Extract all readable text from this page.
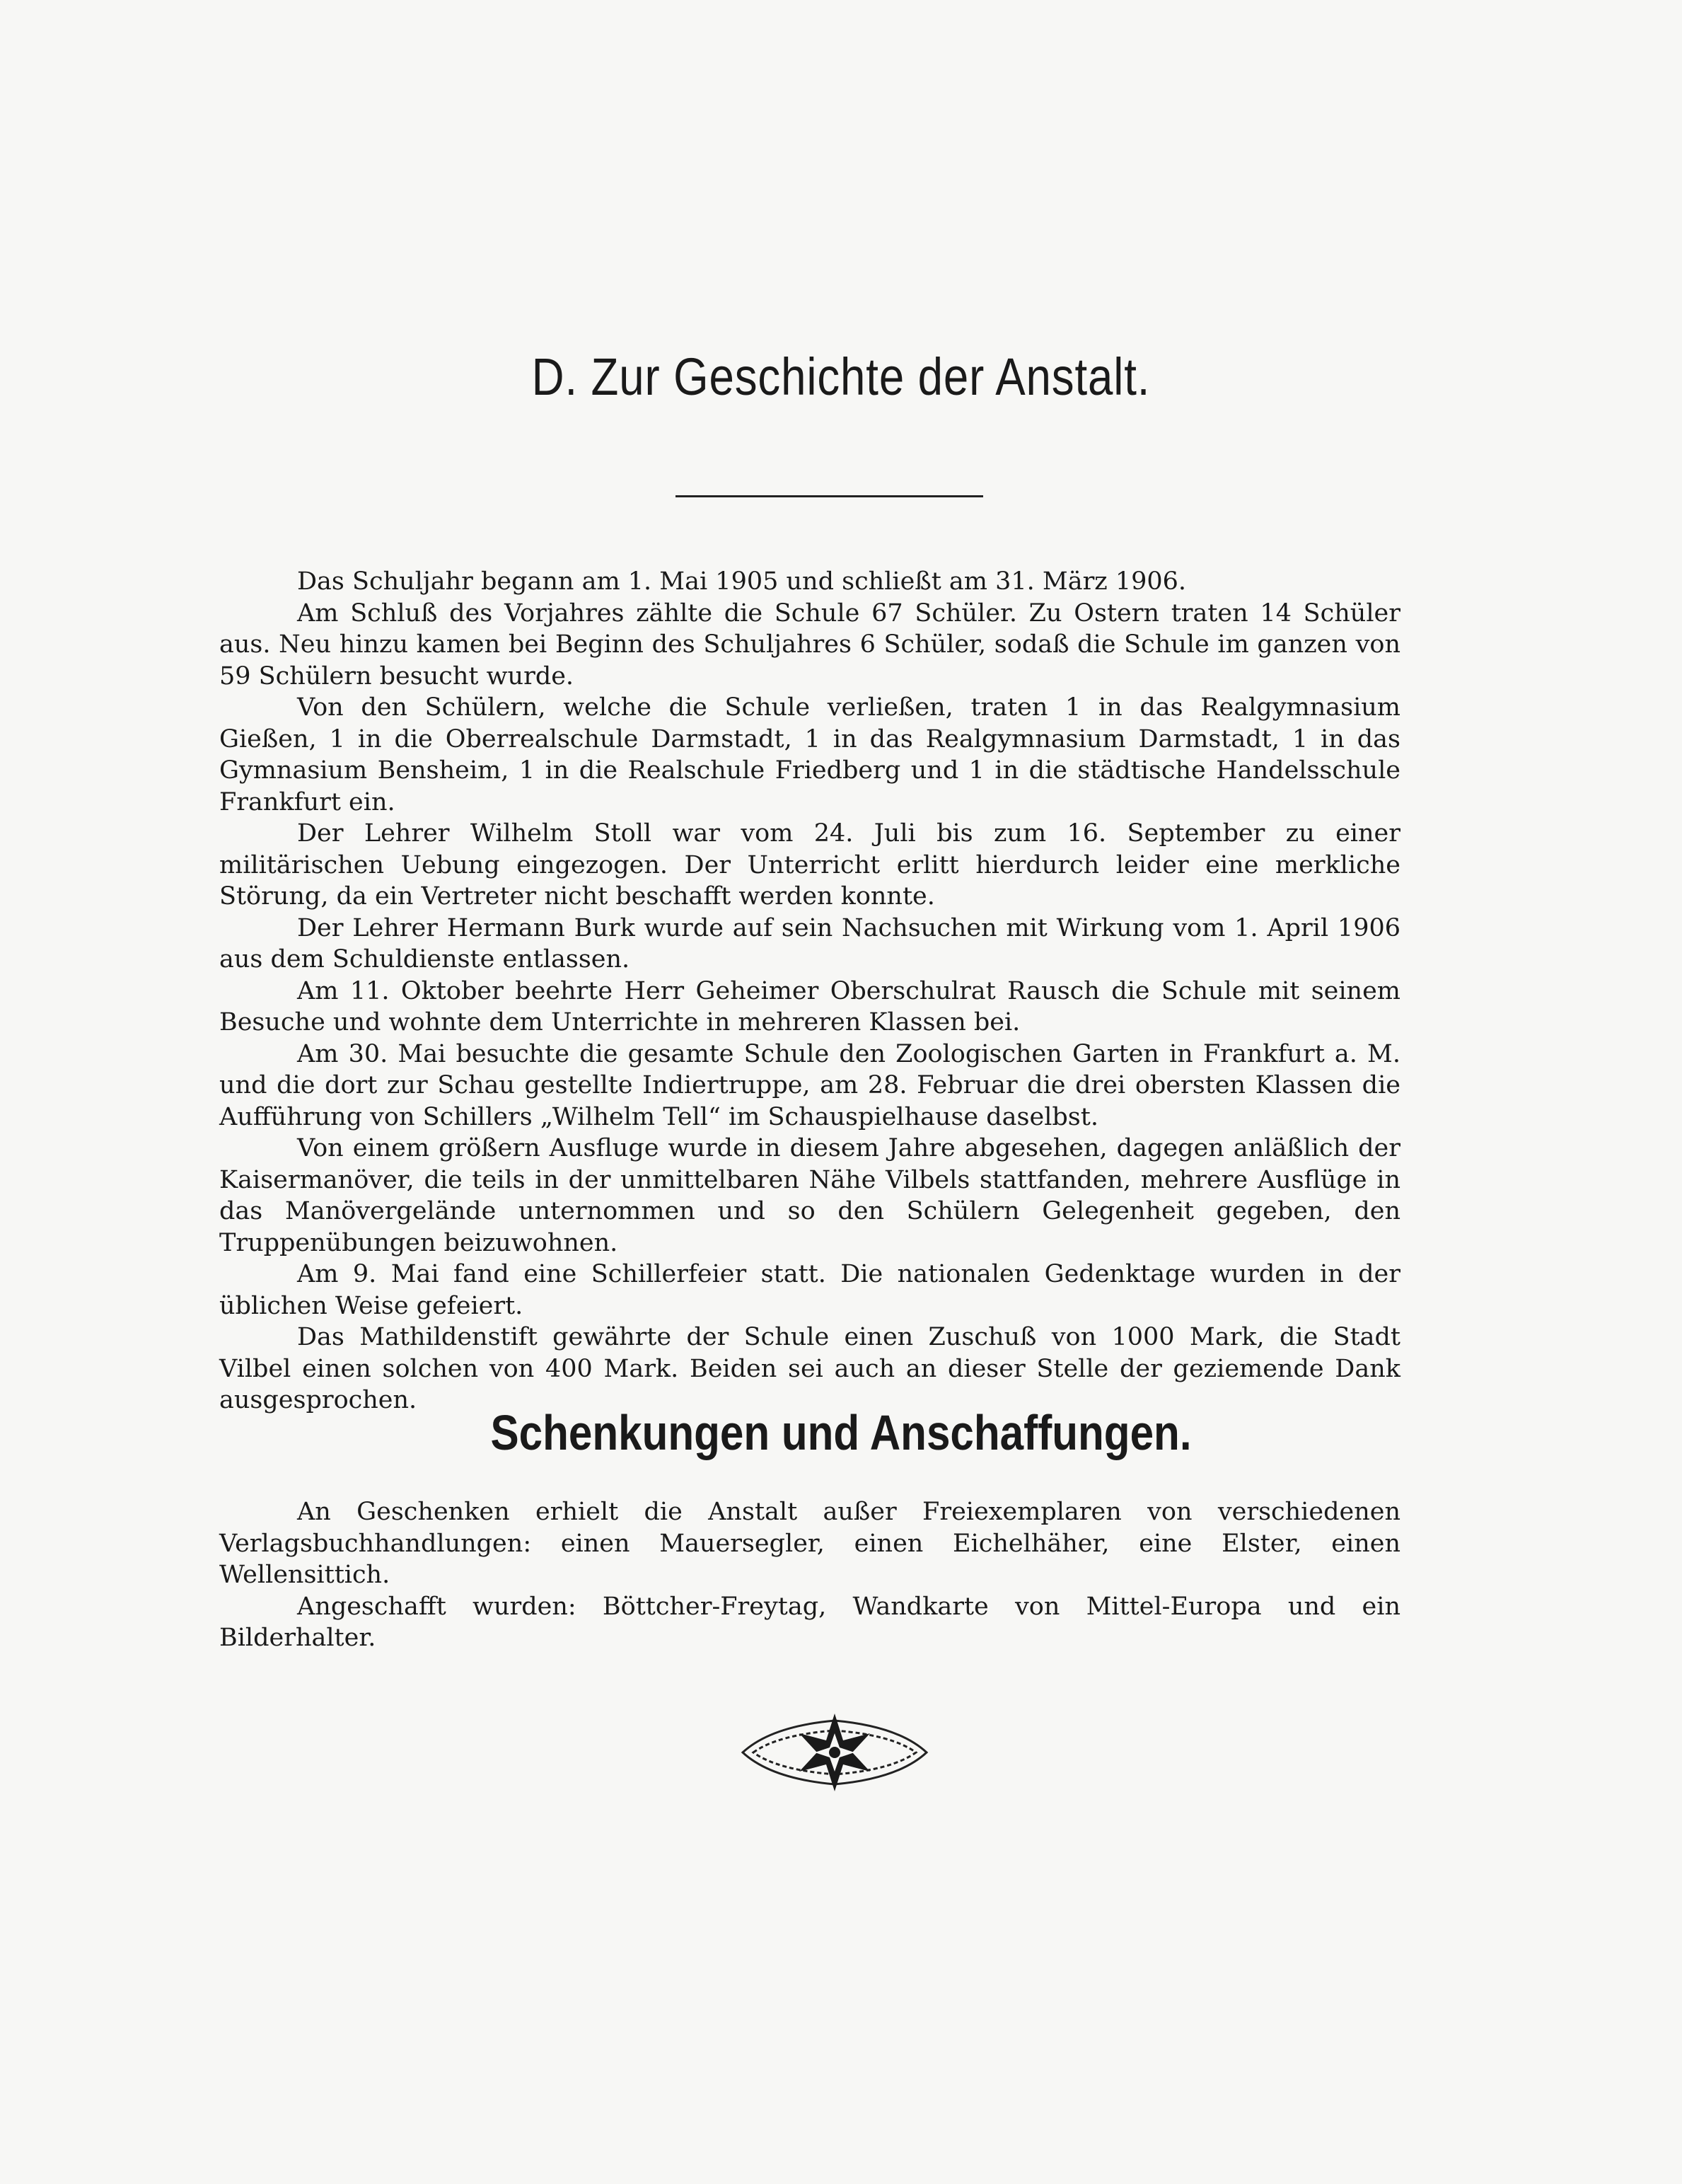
D. Zur Geschichte der Anstalt.

Das Schuljahr begann am 1. Mai 1905 und schließt am 31. März 1906.

Am Schluß des Vorjahres zählte die Schule 67 Schüler. Zu Ostern traten 14 Schüler aus. Neu hinzu kamen bei Beginn des Schuljahres 6 Schüler, sodaß die Schule im ganzen von 59 Schülern besucht wurde.

Von den Schülern, welche die Schule verließen, traten 1 in das Realgymnasium Gießen, 1 in die Oberrealschule Darmstadt, 1 in das Realgymnasium Darmstadt, 1 in das Gymnasium Bensheim, 1 in die Realschule Friedberg und 1 in die städtische Handelsschule Frankfurt ein.

Der Lehrer Wilhelm Stoll war vom 24. Juli bis zum 16. September zu einer militärischen Uebung eingezogen. Der Unterricht erlitt hierdurch leider eine merkliche Störung, da ein Vertreter nicht beschafft werden konnte.

Der Lehrer Hermann Burk wurde auf sein Nachsuchen mit Wirkung vom 1. April 1906 aus dem Schuldienste entlassen.

Am 11. Oktober beehrte Herr Geheimer Oberschulrat Rausch die Schule mit seinem Besuche und wohnte dem Unterrichte in mehreren Klassen bei.

Am 30. Mai besuchte die gesamte Schule den Zoologischen Garten in Frankfurt a. M. und die dort zur Schau gestellte Indiertruppe, am 28. Februar die drei obersten Klassen die Aufführung von Schillers „Wilhelm Tell“ im Schauspielhause daselbst.

Von einem größern Ausfluge wurde in diesem Jahre abgesehen, dagegen anläßlich der Kaisermanöver, die teils in der unmittelbaren Nähe Vilbels stattfanden, mehrere Ausflüge in das Manövergelände unternommen und so den Schülern Gelegenheit gegeben, den Truppenübungen beizuwohnen.

Am 9. Mai fand eine Schillerfeier statt. Die nationalen Gedenktage wurden in der üblichen Weise gefeiert.

Das Mathildenstift gewährte der Schule einen Zuschuß von 1000 Mark, die Stadt Vilbel einen solchen von 400 Mark. Beiden sei auch an dieser Stelle der geziemende Dank ausgesprochen.

Schenkungen und Anschaffungen.

An Geschenken erhielt die Anstalt außer Freiexemplaren von verschiedenen Verlagsbuchhandlungen: einen Mauersegler, einen Eichelhäher, eine Elster, einen Wellensittich.

Angeschafft wurden: Böttcher-Freytag, Wandkarte von Mittel-Europa und ein Bilderhalter.
